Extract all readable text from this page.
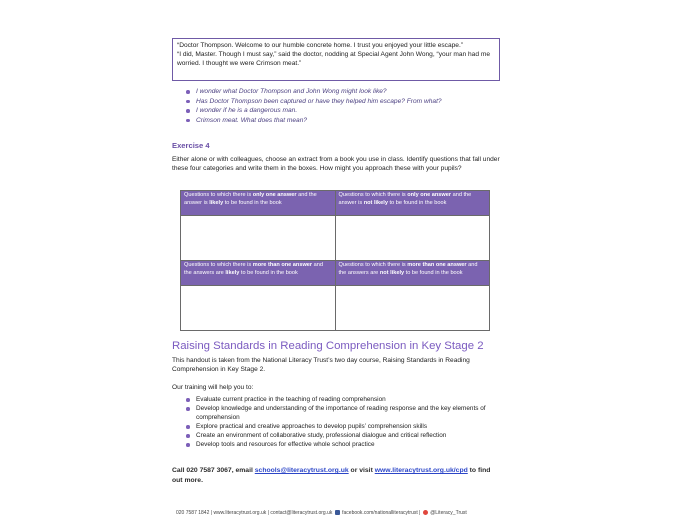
“Doctor Thompson. Welcome to our humble concrete home. I trust you enjoyed your little escape.”

“I did, Master. Though I must say,” said the doctor, nodding at Special Agent John Wong, “your man had me worried. I thought we were Crimson meat.”

I wonder what Doctor Thompson and John Wong might look like?
Has Doctor Thompson been captured or have they helped him escape? From what?
I wonder if he is a dangerous man.
Crimson meat. What does that mean?
Exercise 4
Either alone or with colleagues, choose an extract from a book you use in class. Identify questions that fall under these four categories and write them in the boxes. How might you approach these with your pupils?
Questions to which there is only one answer and the answer is likely to be found in the book	Questions to which there is only one answer and the answer is not likely to be found in the book

Questions to which there is more than one answer and the answers are likely to be found in the book	Questions to which there is more than one answer and the answers are not likely to be found in the book

Raising Standards in Reading Comprehension in Key Stage 2
This handout is taken from the National Literacy Trust’s two day course, Raising Standards in Reading Comprehension in Key Stage 2.
Our training will help you to:
Evaluate current practice in the teaching of reading comprehension
Develop knowledge and understanding of the importance of reading response and the key elements of comprehension
Explore practical and creative approaches to develop pupils’ comprehension skills
Create an environment of collaborative study, professional dialogue and critical reflection
Develop tools and resources for effective whole school practice
Call 020 7587 3067, email schools@literacytrust.org.uk or visit www.literacytrust.org.uk/cpd to find out more.
020 7587 1842 | www.literacytrust.org.uk | contact@literacytrust.org.uk facebook.com/nationalliteracytrust | @Literacy_Trust
